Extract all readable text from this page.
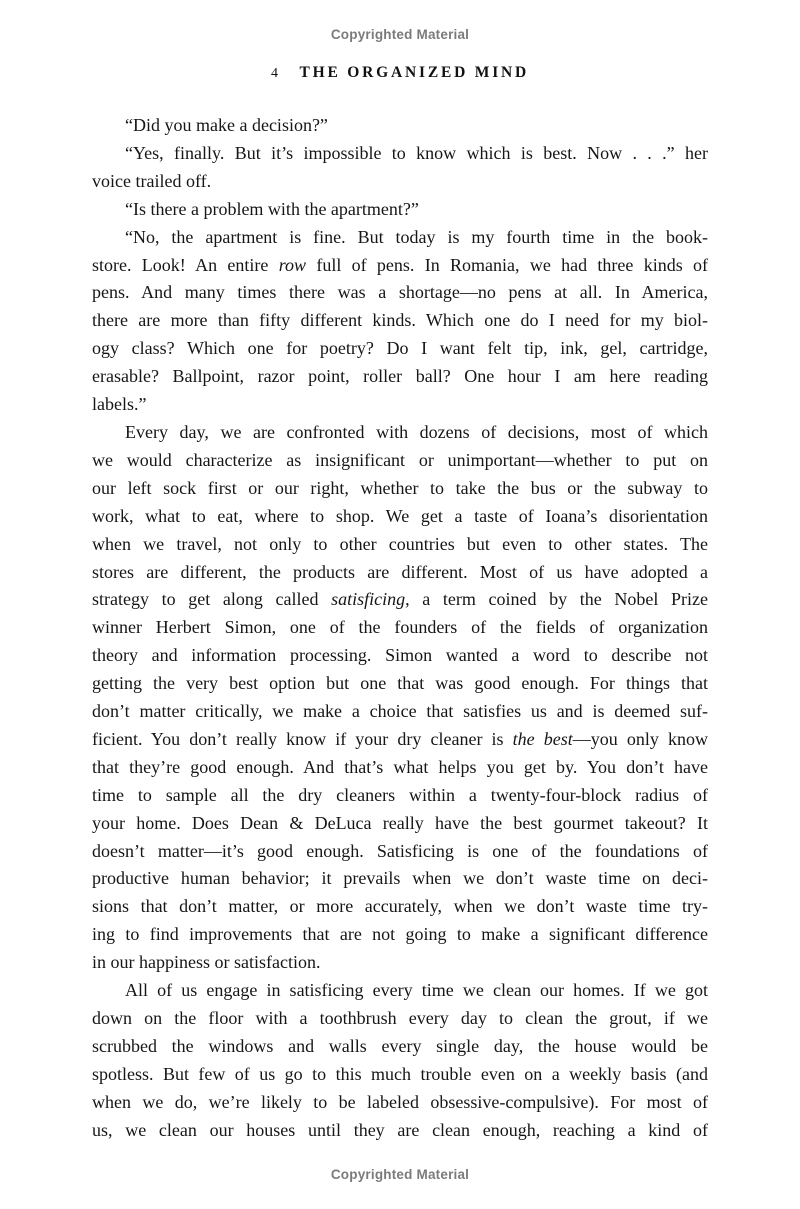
Copyrighted Material
4 THE ORGANIZED MIND
“Did you make a decision?”
“Yes, finally. But it’s impossible to know which is best. Now . . .” her
voice trailed off.
“Is there a problem with the apartment?”
“No, the apartment is fine. But today is my fourth time in the book-
store. Look! An entire row full of pens. In Romania, we had three kinds of
pens. And many times there was a shortage—no pens at all. In America,
there are more than fifty different kinds. Which one do I need for my biol-
ogy class? Which one for poetry? Do I want felt tip, ink, gel, cartridge,
erasable? Ballpoint, razor point, roller ball? One hour I am here reading
labels.”
Every day, we are confronted with dozens of decisions, most of which
we would characterize as insignificant or unimportant—whether to put on
our left sock first or our right, whether to take the bus or the subway to
work, what to eat, where to shop. We get a taste of Ioana’s disorientation
when we travel, not only to other countries but even to other states. The
stores are different, the products are different. Most of us have adopted a
strategy to get along called satisficing, a term coined by the Nobel Prize
winner Herbert Simon, one of the founders of the fields of organization
theory and information processing. Simon wanted a word to describe not
getting the very best option but one that was good enough. For things that
don’t matter critically, we make a choice that satisfies us and is deemed suf-
ficient. You don’t really know if your dry cleaner is the best—you only know
that they’re good enough. And that’s what helps you get by. You don’t have
time to sample all the dry cleaners within a twenty-four-block radius of
your home. Does Dean & DeLuca really have the best gourmet takeout? It
doesn’t matter—it’s good enough. Satisficing is one of the foundations of
productive human behavior; it prevails when we don’t waste time on deci-
sions that don’t matter, or more accurately, when we don’t waste time try-
ing to find improvements that are not going to make a significant difference
in our happiness or satisfaction.
All of us engage in satisficing every time we clean our homes. If we got
down on the floor with a toothbrush every day to clean the grout, if we
scrubbed the windows and walls every single day, the house would be
spotless. But few of us go to this much trouble even on a weekly basis (and
when we do, we’re likely to be labeled obsessive-compulsive). For most of
us, we clean our houses until they are clean enough, reaching a kind of
Copyrighted Material
